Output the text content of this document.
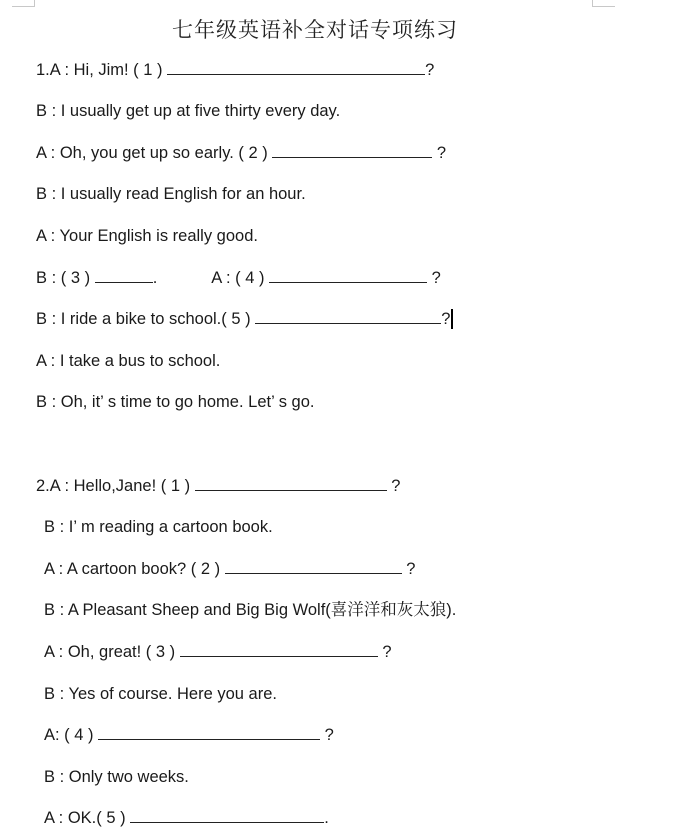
七年级英语补全对话专项练习
1.A : Hi, Jim! ( 1 )	?
B : I usually get up at five thirty every day.
A : Oh, you get up so early. ( 2 )	?
B : I usually read English for an hour.
A : Your English is really good.
B : ( 3 )	.	A : ( 4 )	?
B : I ride a bike to school.( 5 )	?
A : I take a bus to school.
B : Oh, it’ s time to go home. Let’ s go.
2.A : Hello,Jane! ( 1 )	?
B : I’ m reading a cartoon book.
A : A cartoon book? ( 2 )	?
B : A Pleasant Sheep and Big Big Wolf(喜洋洋和灰太狼).
A : Oh, great! ( 3 )	?
B : Yes of course. Here you are.
A: ( 4 )	?
B : Only two weeks.
A : OK.( 5 )	.
